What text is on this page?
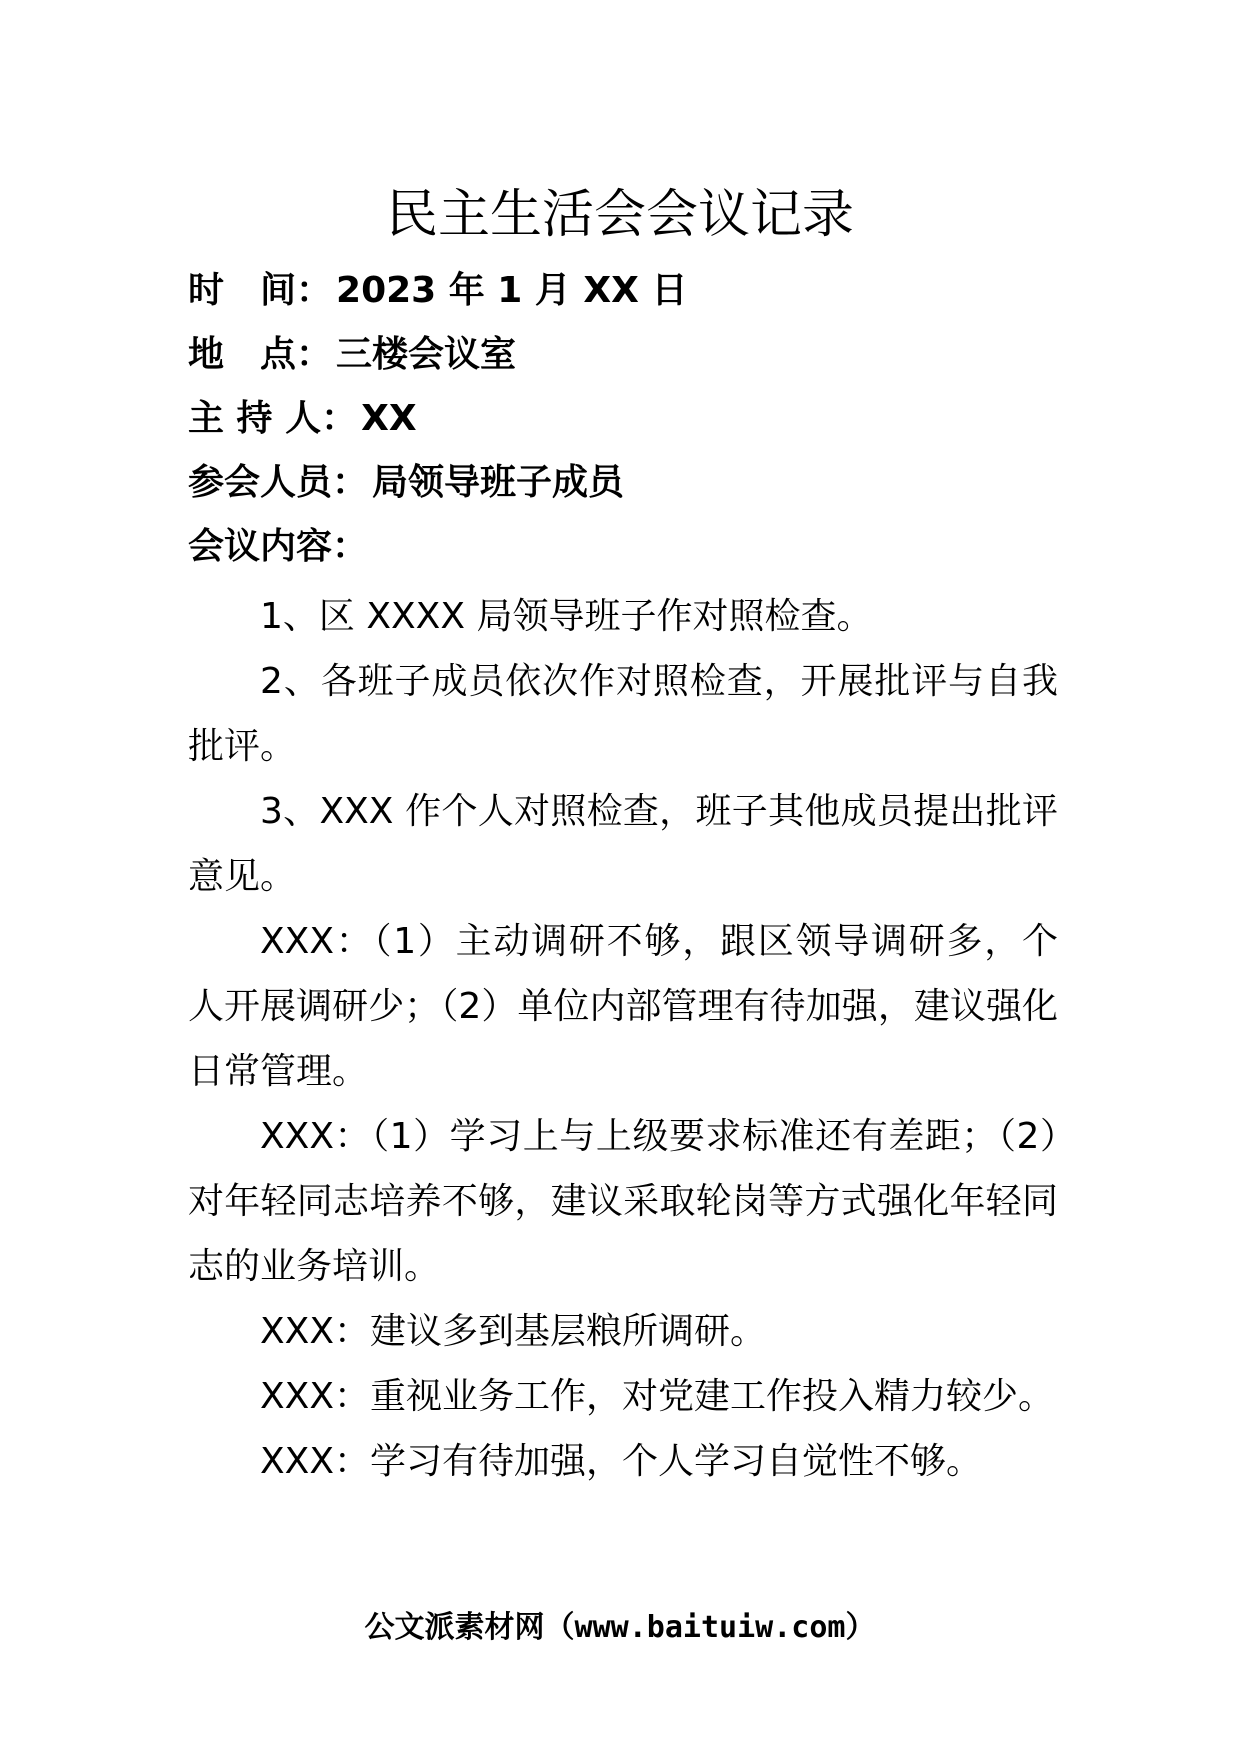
民主生活会会议记录
时　间： 2023 年 1 月 XX 日
地　点： 三楼会议室
主 持 人： XX
参会人员： 局领导班子成员
会议内容：

1、区 XXXX 局领导班子作对照检查。

2、各班子成员依次作对照检查，开展批评与自我批评。

3、XXX 作个人对照检查，班子其他成员提出批评意见。

XXX：（1）主动调研不够，跟区领导调研多，个人开展调研少；（2）单位内部管理有待加强，建议强化日常管理。

XXX：（1）学习上与上级要求标准还有差距；（2）对年轻同志培养不够，建议采取轮岗等方式强化年轻同志的业务培训。

XXX：建议多到基层粮所调研。

XXX：重视业务工作，对党建工作投入精力较少。

XXX：学习有待加强，个人学习自觉性不够。

公文派素材网（www.baituiw.com）
